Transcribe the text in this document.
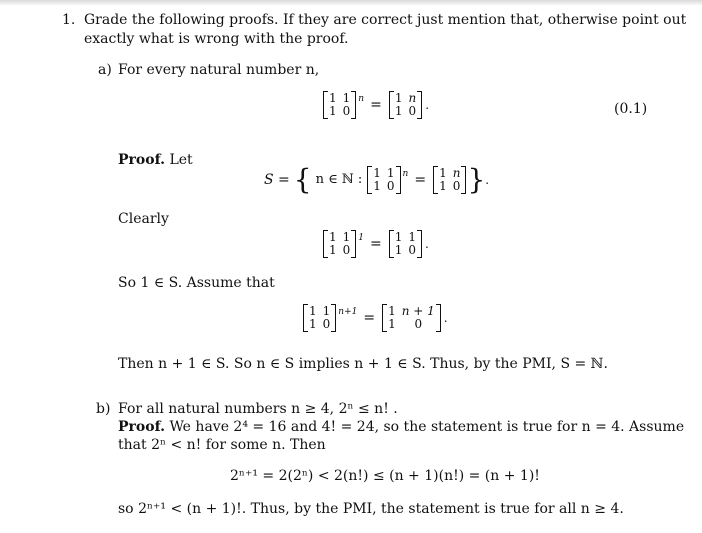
1. Grade the following proofs. If they are correct just mention that, otherwise point out
exactly what is wrong with the proof.
a) For every natural number n,
1	1
1	0
n = 1	n
1	0 .	(0.1)
Proof. Let
S = { n ∈ ℕ : 1	1
1	0
n = 1	n
1	0 } .
Clearly
1	1
1	0
1 = 1	1
1	0 .
So 1 ∈ S. Assume that
1	1
1	0
n+1 = 1	n + 1
1	0 .
Then n + 1 ∈ S. So n ∈ S implies n + 1 ∈ S. Thus, by the PMI, S = ℕ.
b) For all natural numbers n ≥ 4, 2ⁿ ≤ n! .
Proof. We have 2⁴ = 16 and 4! = 24, so the statement is true for n = 4. Assume
that 2ⁿ < n! for some n. Then
2ⁿ⁺¹ = 2(2ⁿ) < 2(n!) ≤ (n + 1)(n!) = (n + 1)!
so 2ⁿ⁺¹ < (n + 1)!. Thus, by the PMI, the statement is true for all n ≥ 4.
